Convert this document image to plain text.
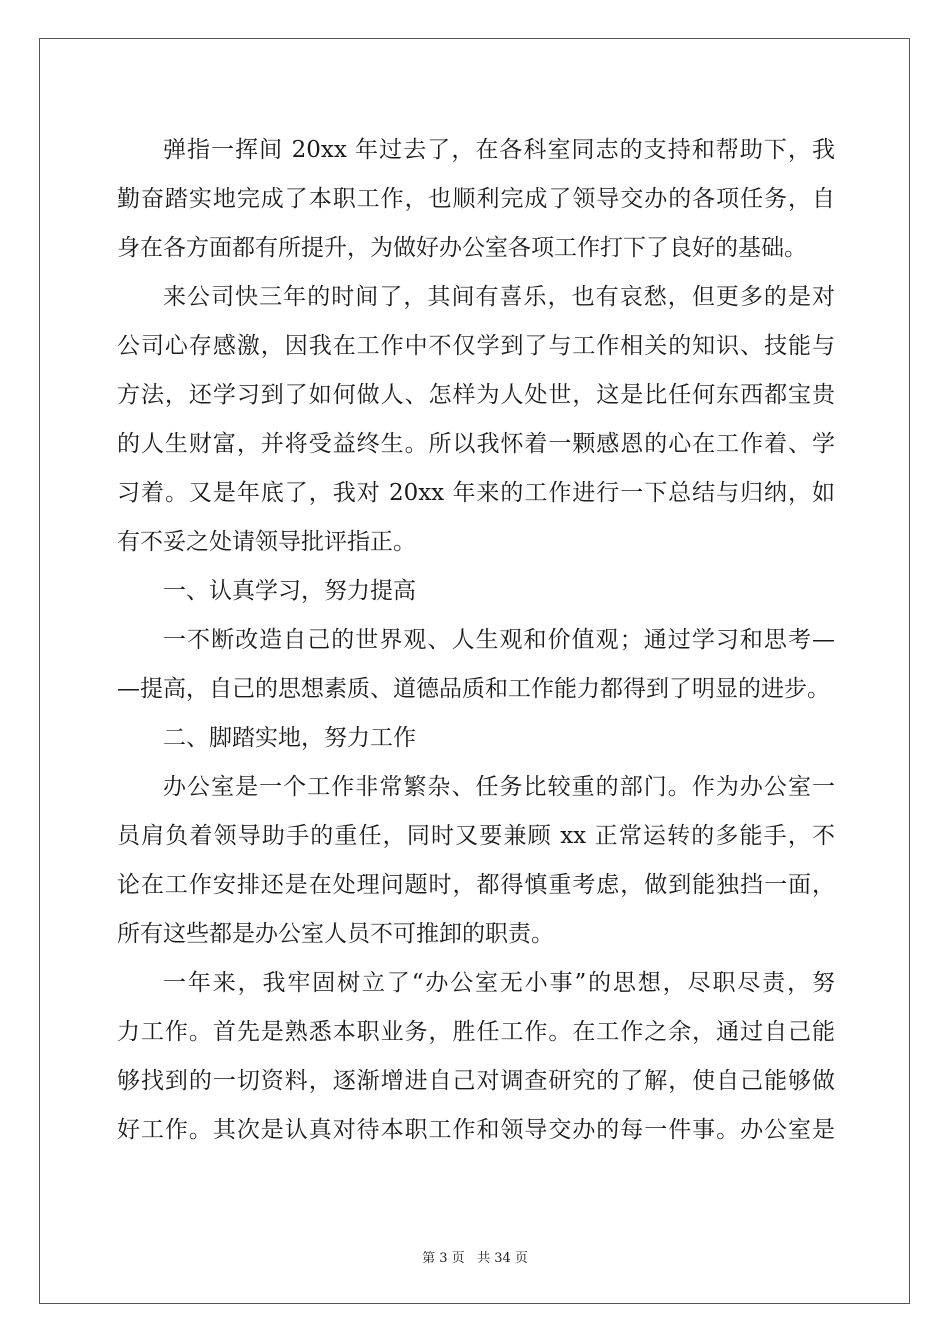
弹指一挥间 20xx 年过去了，在各科室同志的支持和帮助下，我
勤奋踏实地完成了本职工作，也顺利完成了领导交办的各项任务，自
身在各方面都有所提升，为做好办公室各项工作打下了良好的基础。
来公司快三年的时间了，其间有喜乐，也有哀愁，但更多的是对
公司心存感激，因我在工作中不仅学到了与工作相关的知识、技能与
方法，还学习到了如何做人、怎样为人处世，这是比任何东西都宝贵
的人生财富，并将受益终生。所以我怀着一颗感恩的心在工作着、学
习着。又是年底了，我对 20xx 年来的工作进行一下总结与归纳，如
有不妥之处请领导批评指正。
一、认真学习，努力提高
一不断改造自己的世界观、人生观和价值观；通过学习和思考—
—提高，自己的思想素质、道德品质和工作能力都得到了明显的进步。
二、脚踏实地，努力工作
办公室是一个工作非常繁杂、任务比较重的部门。作为办公室一
员肩负着领导助手的重任，同时又要兼顾 xx 正常运转的多能手，不
论在工作安排还是在处理问题时，都得慎重考虑，做到能独挡一面，
所有这些都是办公室人员不可推卸的职责。
一年来，我牢固树立了“办公室无小事”的思想，尽职尽责，努
力工作。首先是熟悉本职业务，胜任工作。在工作之余，通过自己能
够找到的一切资料，逐渐增进自己对调查研究的了解，使自己能够做
好工作。其次是认真对待本职工作和领导交办的每一件事。办公室是
第 3 页 共 34 页
